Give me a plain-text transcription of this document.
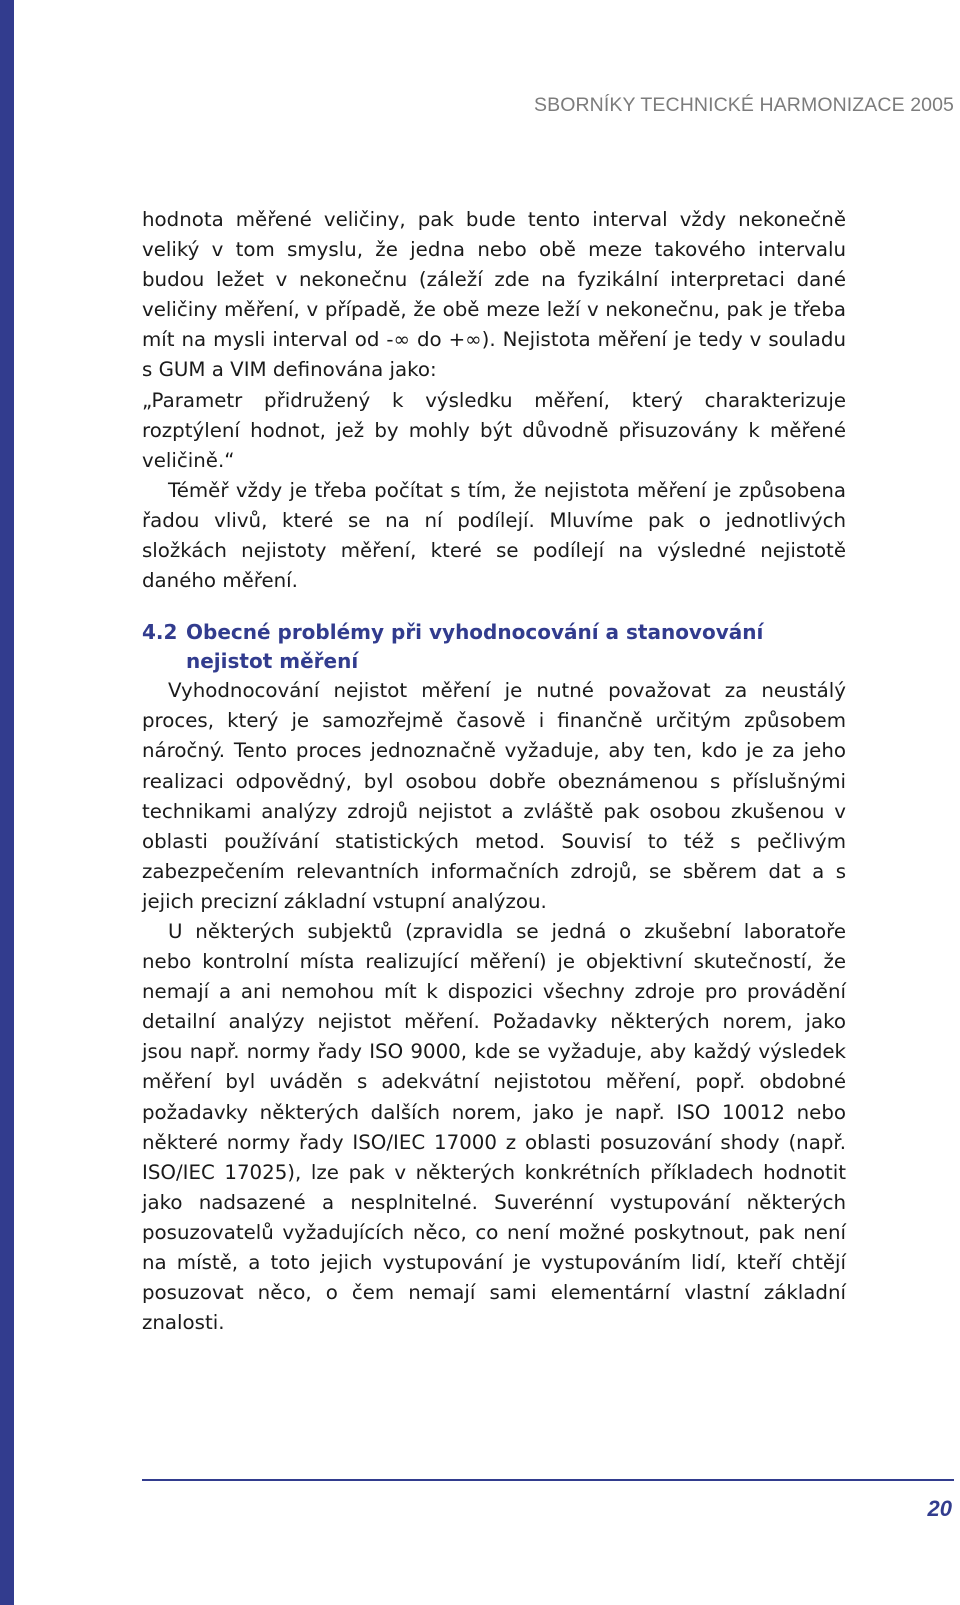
SBORNÍKY TECHNICKÉ HARMONIZACE 2005

hodnota měřené veličiny, pak bude tento interval vždy nekonečně veliký v tom smyslu, že jedna nebo obě meze takového intervalu budou ležet v nekonečnu (záleží zde na fyzikální interpretaci dané veličiny měření, v případě, že obě meze leží v nekonečnu, pak je třeba mít na mysli interval od -∞ do +∞). Nejistota měření je tedy v souladu s GUM a VIM definována jako:

„Parametr přidružený k výsledku měření, který charakterizuje rozptýlení hodnot, jež by mohly být důvodně přisuzovány k měřené veličině.“

Téměř vždy je třeba počítat s tím, že nejistota měření je způsobena řadou vlivů, které se na ní podílejí. Mluvíme pak o jednotlivých složkách nejistoty měření, které se podílejí na výsledné nejistotě daného měření.

4.2 Obecné problémy při vyhodnocování a stanovování nejistot měření

Vyhodnocování nejistot měření je nutné považovat za neustálý proces, který je samozřejmě časově i finančně určitým způsobem náročný. Tento proces jednoznačně vyžaduje, aby ten, kdo je za jeho realizaci odpovědný, byl osobou dobře obeznámenou s příslušnými technikami analýzy zdrojů nejistot a zvláště pak osobou zkušenou v oblasti používání statistických metod. Souvisí to též s pečlivým zabezpečením relevantních informačních zdrojů, se sběrem dat a s jejich precizní základní vstupní analýzou.

U některých subjektů (zpravidla se jedná o zkušební laboratoře nebo kontrolní místa realizující měření) je objektivní skutečností, že nemají a ani nemohou mít k dispozici všechny zdroje pro provádění detailní analýzy nejistot měření. Požadavky některých norem, jako jsou např. normy řady ISO 9000, kde se vyžaduje, aby každý výsledek měření byl uváděn s adekvátní nejistotou měření, popř. obdobné požadavky některých dalších norem, jako je např. ISO 10012 nebo některé normy řady ISO/IEC 17000 z oblasti posuzování shody (např. ISO/IEC 17025), lze pak v některých konkrétních příkladech hodnotit jako nadsazené a nesplnitelné. Suverénní vystupování některých posuzovatelů vyžadujících něco, co není možné poskytnout, pak není na místě, a toto jejich vystupování je vystupováním lidí, kteří chtějí posuzovat něco, o čem nemají sami elementární vlastní základní znalosti.

20
